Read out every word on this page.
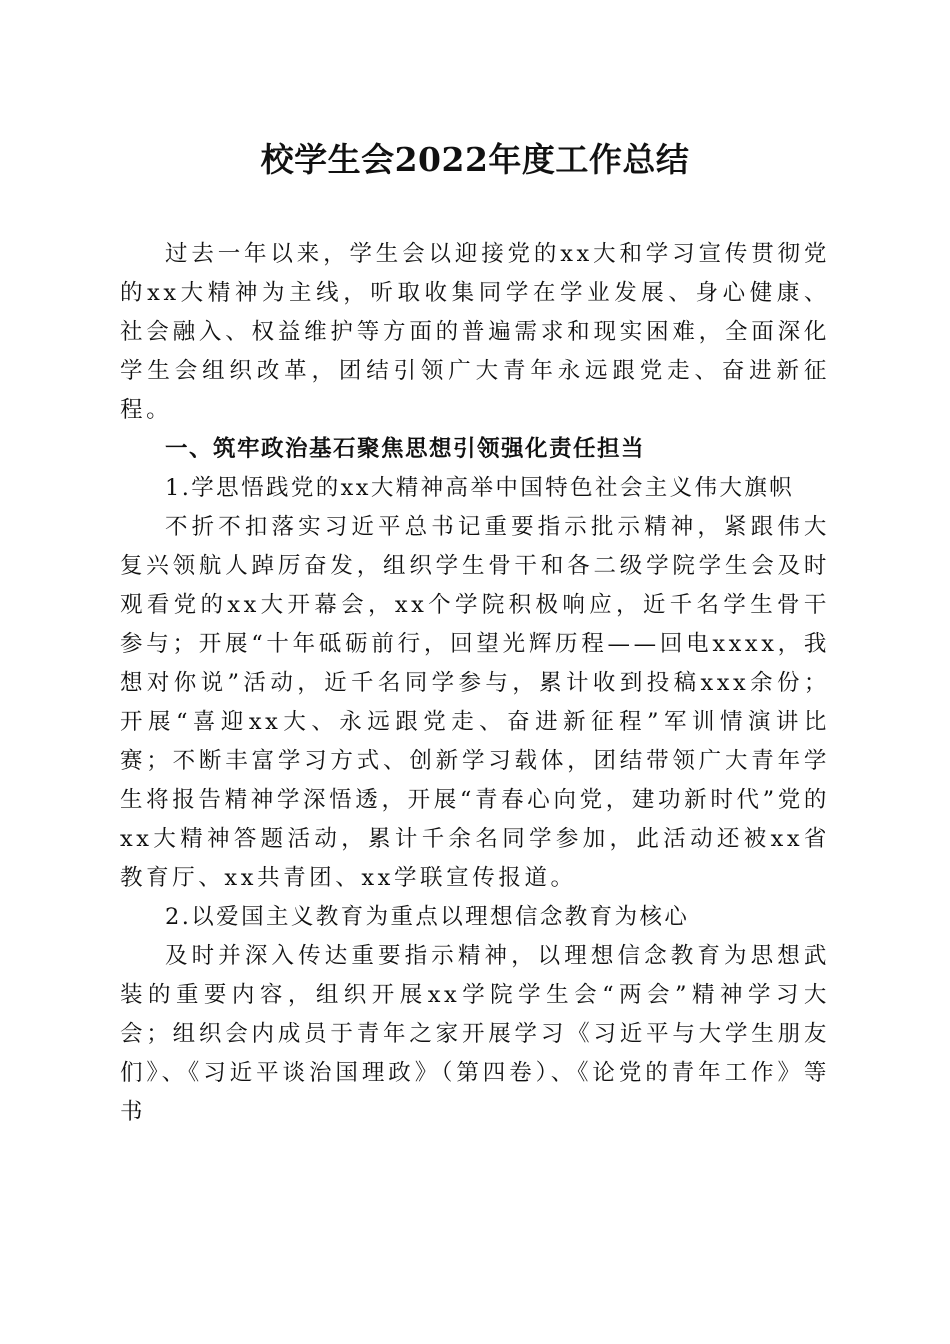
校学生会2022年度工作总结

过去一年以来，学生会以迎接党的xx大和学习宣传贯彻党的xx大精神为主线，听取收集同学在学业发展、身心健康、社会融入、权益维护等方面的普遍需求和现实困难，全面深化学生会组织改革，团结引领广大青年永远跟党走、奋进新征程。

一、筑牢政治基石聚焦思想引领强化责任担当

1.学思悟践党的xx大精神高举中国特色社会主义伟大旗帜

不折不扣落实习近平总书记重要指示批示精神，紧跟伟大复兴领航人踔厉奋发，组织学生骨干和各二级学院学生会及时观看党的xx大开幕会，xx个学院积极响应，近千名学生骨干参与；开展“十年砥砺前行，回望光辉历程——回电xxxx，我想对你说”活动，近千名同学参与，累计收到投稿xxx余份；开展“喜迎xx大、永远跟党走、奋进新征程”军训情演讲比赛；不断丰富学习方式、创新学习载体，团结带领广大青年学生将报告精神学深悟透，开展“青春心向党，建功新时代”党的xx大精神答题活动，累计千余名同学参加，此活动还被xx省教育厅、xx共青团、xx学联宣传报道。

2.以爱国主义教育为重点以理想信念教育为核心

及时并深入传达重要指示精神，以理想信念教育为思想武装的重要内容，组织开展xx学院学生会“两会”精神学习大会；组织会内成员于青年之家开展学习《习近平与大学生朋友们》、《习近平谈治国理政》（第四卷）、《论党的青年工作》等书
